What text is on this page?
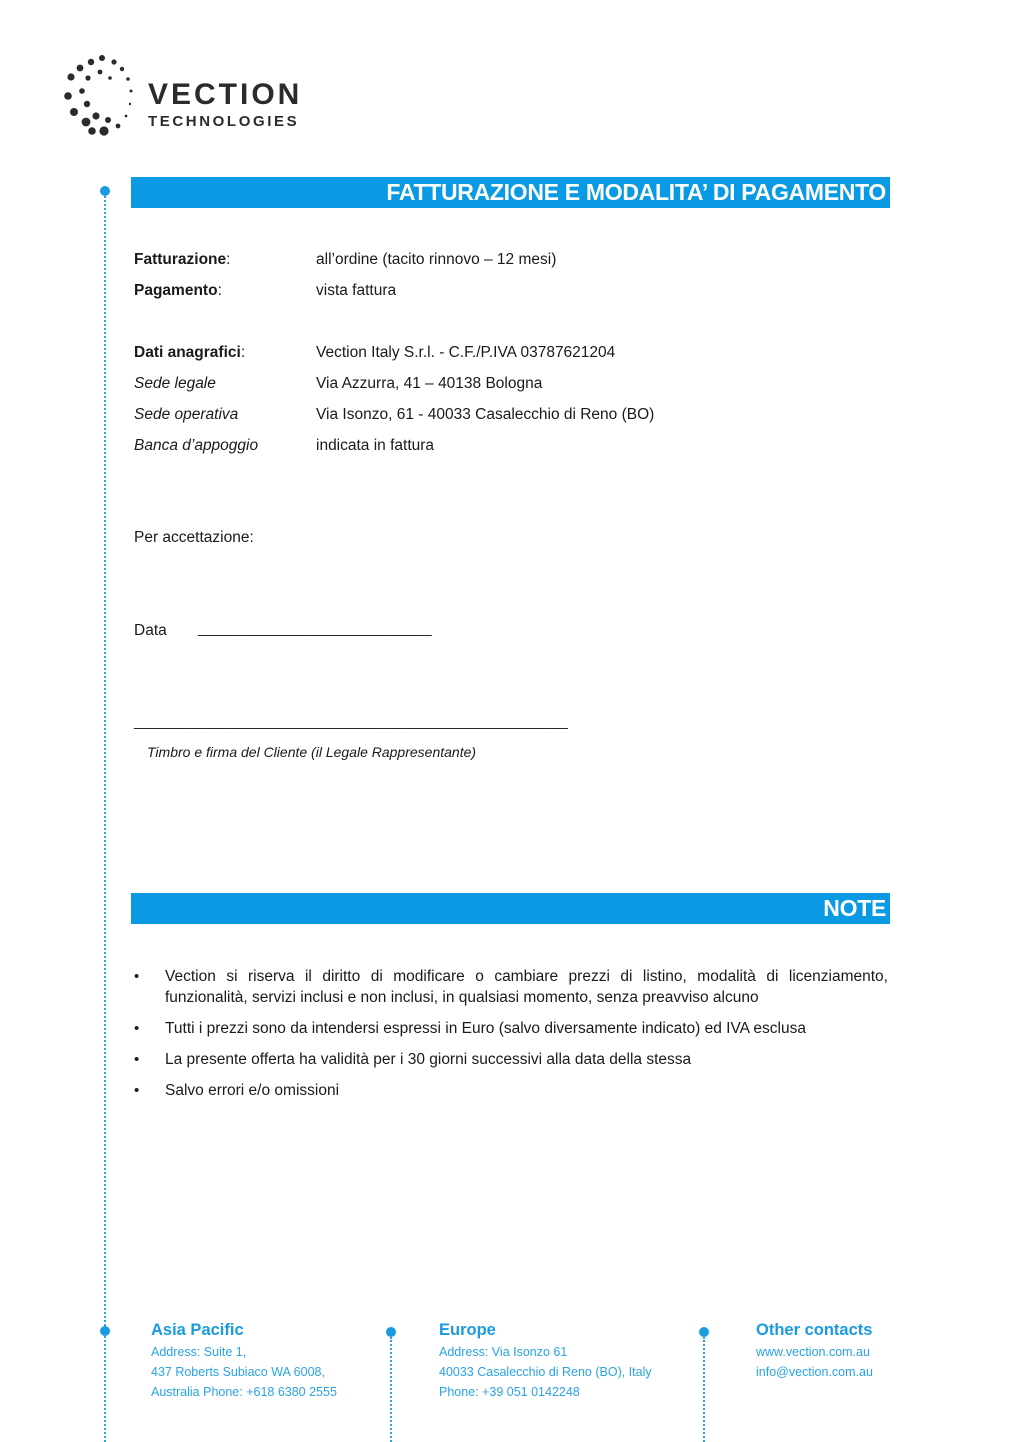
VECTION
TECHNOLOGIES
FATTURAZIONE E MODALITA’ DI PAGAMENTO
Fatturazione:	all’ordine (tacito rinnovo – 12 mesi)
Pagamento:	vista fattura
Dati anagrafici:	Vection Italy S.r.l. - C.F./P.IVA 03787621204
Sede legale	Via Azzurra, 41 – 40138 Bologna
Sede operativa	Via Isonzo, 61 - 40033 Casalecchio di Reno (BO)
Banca d’appoggio	indicata in fattura
Per accettazione:
Data ____________________________
____________________________________________________
Timbro e firma del Cliente (il Legale Rappresentante)
NOTE
• Vection si riserva il diritto di modificare o cambiare prezzi di listino, modalità di licenziamento, funzionalità, servizi inclusi e non inclusi, in qualsiasi momento, senza preavviso alcuno
• Tutti i prezzi sono da intendersi espressi in Euro (salvo diversamente indicato) ed IVA esclusa
• La presente offerta ha validità per i 30 giorni successivi alla data della stessa
• Salvo errori e/o omissioni
Asia Pacific
Address: Suite 1,
437 Roberts Subiaco WA 6008,
Australia Phone: +618 6380 2555
Europe
Address: Via Isonzo 61
40033 Casalecchio di Reno (BO), Italy
Phone: +39 051 0142248
Other contacts
www.vection.com.au
info@vection.com.au
